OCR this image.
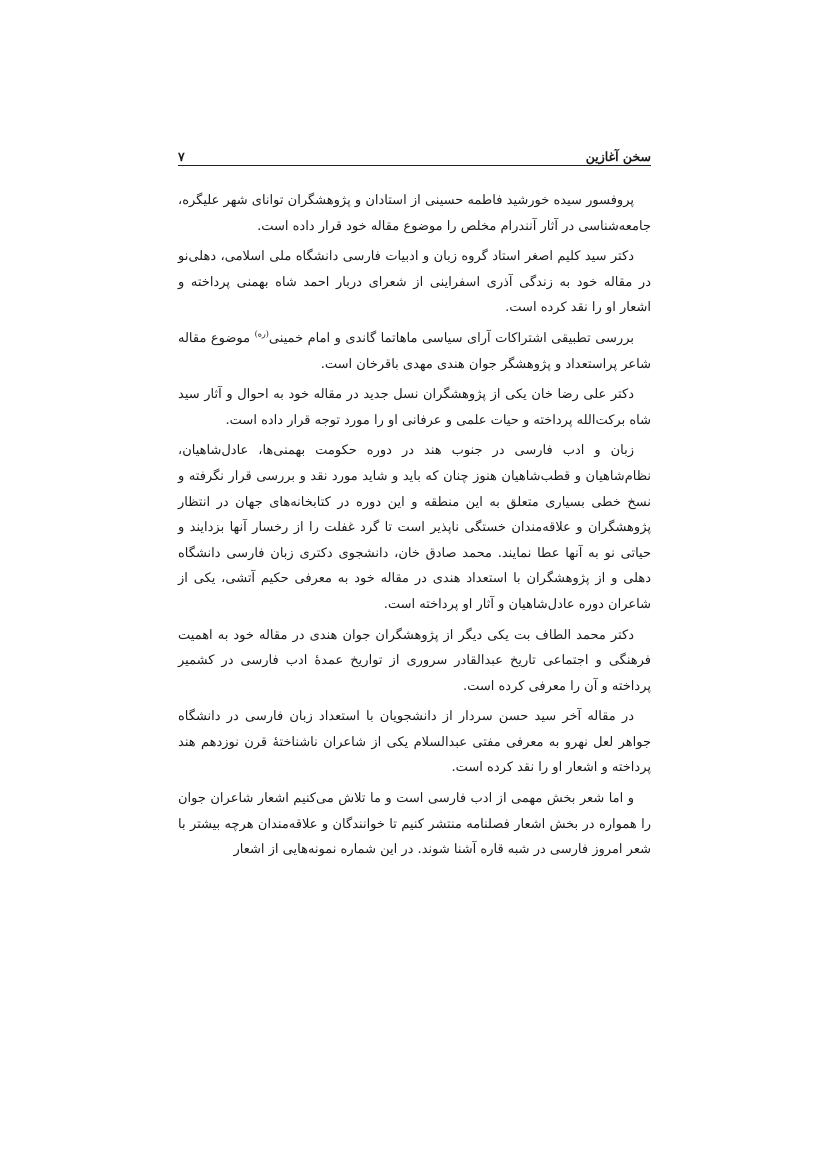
سخن آغازین
۷

پروفسور سیده خورشید فاطمه حسینی از استادان و پژوهشگران توانای شهر علیگره، جامعه‌شناسی در آثار آنندرام مخلص را موضوع مقاله خود قرار داده است.

دکتر سید کلیم اصغر استاد گروه زبان و ادبیات فارسی دانشگاه ملی اسلامی، دهلی‌نو در مقاله خود به زندگی آذری اسفراینی از شعرای دربار احمد شاه بهمنی پرداخته و اشعار او را نقد کرده است.

بررسی تطبیقی اشتراکات آرای سیاسی ماهاتما گاندی و امام خمینی$^{(ره)}$ موضوع مقاله شاعر پراستعداد و پژوهشگر جوان هندی مهدی باقرخان است.

دکتر علی رضا خان یکی از پژوهشگران نسل جدید در مقاله خود به احوال و آثار سید شاه برکت‌الله پرداخته و حیات علمی و عرفانی او را مورد توجه قرار داده است.

زبان و ادب فارسی در جنوب هند در دوره حکومت بهمنی‌ها، عادل‌شاهیان، نظام‌شاهیان و قطب‌شاهیان هنوز چنان که باید و شاید مورد نقد و بررسی قرار نگرفته و نسخ خطی بسیاری متعلق به این منطقه و این دوره در کتابخانه‌های جهان در انتظار پژوهشگران و علاقه‌مندان خستگی ناپذیر است تا گرد غفلت را از رخسار آنها بزدایند و حیاتی نو به آنها عطا نمایند. محمد صادق خان، دانشجوی دکتری زبان فارسی دانشگاه دهلی و از پژوهشگران با استعداد هندی در مقاله خود به معرفی حکیم آتشی، یکی از شاعران دوره عادل‌شاهیان و آثار او پرداخته است.

دکتر محمد الطاف بت یکی دیگر از پژوهشگران جوان هندی در مقاله خود به اهمیت فرهنگی و اجتماعی تاریخ عبدالقادر سروری از تواریخ عمدهٔ ادب فارسی در کشمیر پرداخته و آن را معرفی کرده است.

در مقاله آخر سید حسن سردار از دانشجویان با استعداد زبان فارسی در دانشگاه جواهر لعل نهرو به معرفی مفتی عبدالسلام یکی از شاعران ناشناختهٔ قرن نوزدهم هند پرداخته و اشعار او را نقد کرده است.

و اما شعر بخش مهمی از ادب فارسی است و ما تلاش می‌کنیم اشعار شاعران جوان را همواره در بخش اشعار فصلنامه منتشر کنیم تا خوانندگان و علاقه‌مندان هرچه بیشتر با شعر امروز فارسی در شبه قاره آشنا شوند. در این شماره نمونه‌هایی از اشعار
